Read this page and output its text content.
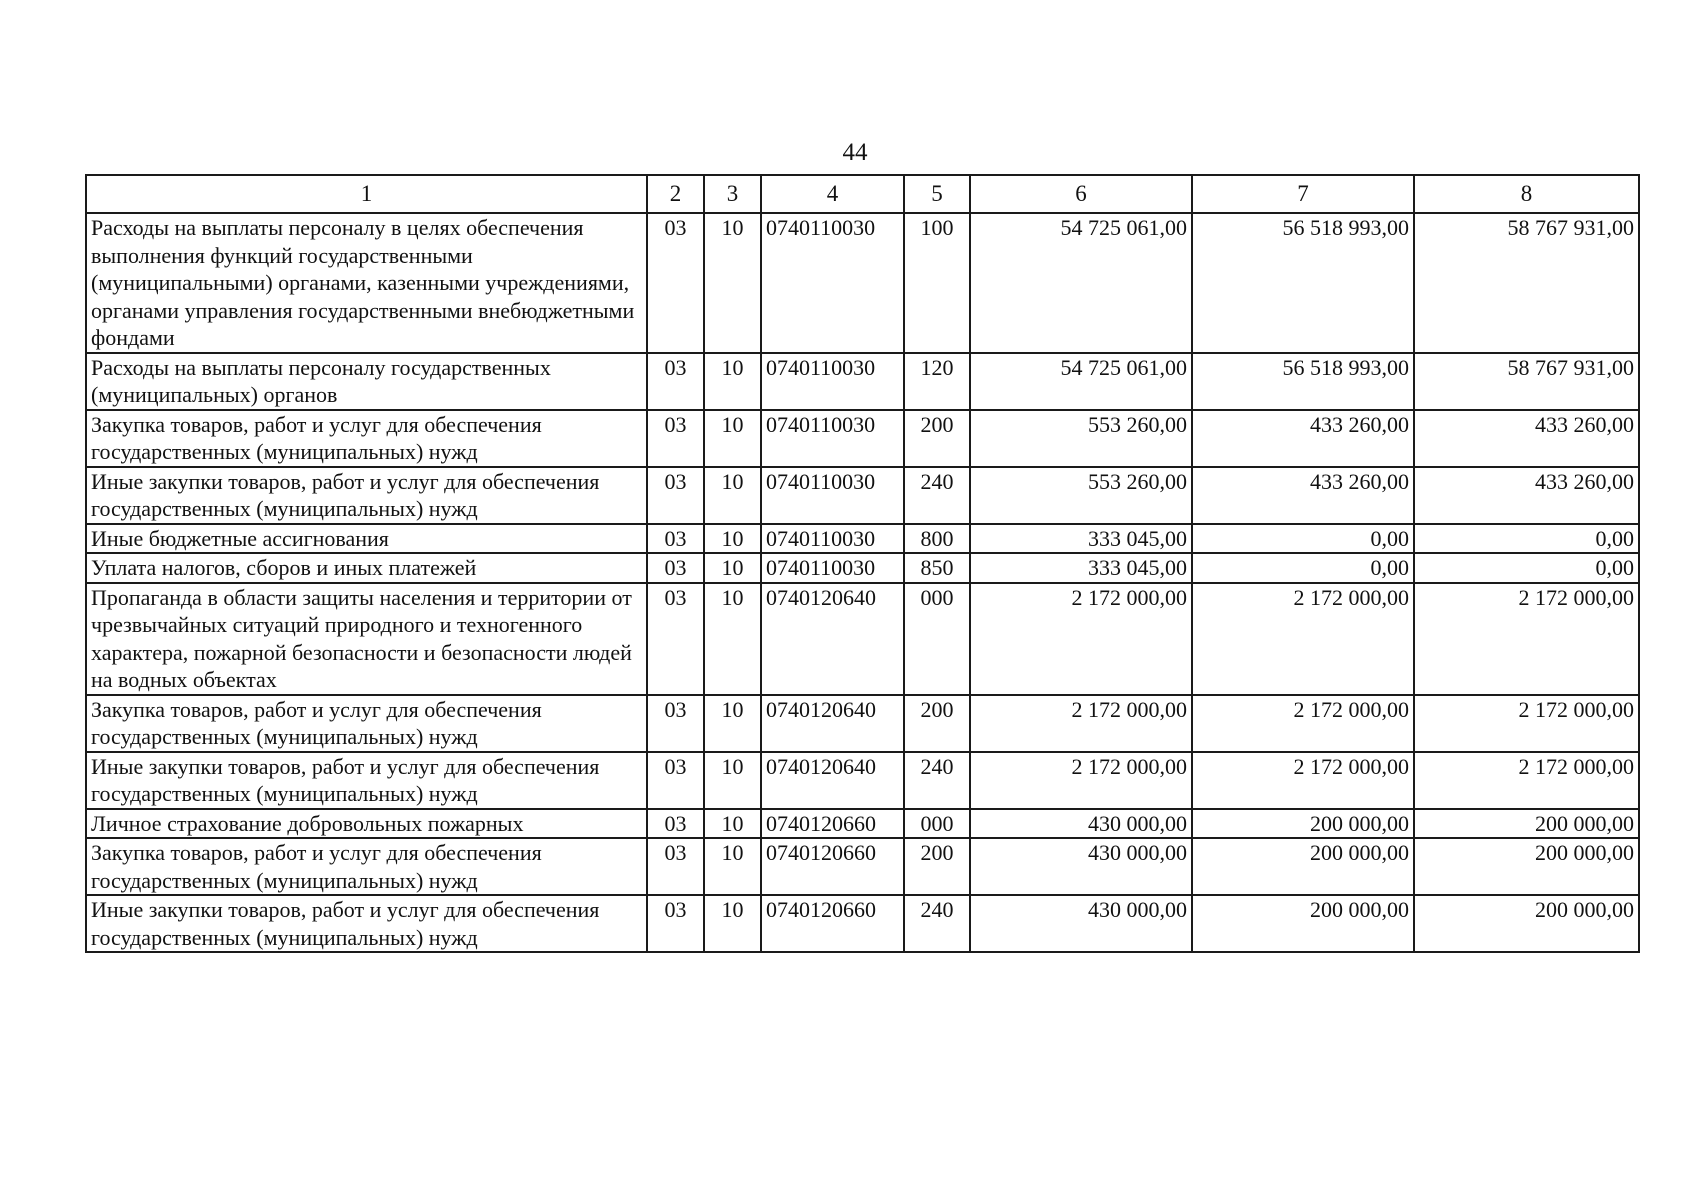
44
1	2	3	4	5	6	7	8
Расходы на выплаты персоналу в целях обеспечения выполнения функций государственными (муниципальными) органами, казенными учреждениями, органами управления государственными внебюджетными фондами	03	10	0740110030	100	54 725 061,00	56 518 993,00	58 767 931,00
Расходы на выплаты персоналу государственных (муниципальных) органов	03	10	0740110030	120	54 725 061,00	56 518 993,00	58 767 931,00
Закупка товаров, работ и услуг для обеспечения государственных (муниципальных) нужд	03	10	0740110030	200	553 260,00	433 260,00	433 260,00
Иные закупки товаров, работ и услуг для обеспечения государственных (муниципальных) нужд	03	10	0740110030	240	553 260,00	433 260,00	433 260,00
Иные бюджетные ассигнования	03	10	0740110030	800	333 045,00	0,00	0,00
Уплата налогов, сборов и иных платежей	03	10	0740110030	850	333 045,00	0,00	0,00
Пропаганда в области защиты населения и территории от чрезвычайных ситуаций природного и техногенного характера, пожарной безопасности и безопасности людей на водных объектах	03	10	0740120640	000	2 172 000,00	2 172 000,00	2 172 000,00
Закупка товаров, работ и услуг для обеспечения государственных (муниципальных) нужд	03	10	0740120640	200	2 172 000,00	2 172 000,00	2 172 000,00
Иные закупки товаров, работ и услуг для обеспечения государственных (муниципальных) нужд	03	10	0740120640	240	2 172 000,00	2 172 000,00	2 172 000,00
Личное страхование добровольных пожарных	03	10	0740120660	000	430 000,00	200 000,00	200 000,00
Закупка товаров, работ и услуг для обеспечения государственных (муниципальных) нужд	03	10	0740120660	200	430 000,00	200 000,00	200 000,00
Иные закупки товаров, работ и услуг для обеспечения государственных (муниципальных) нужд	03	10	0740120660	240	430 000,00	200 000,00	200 000,00
